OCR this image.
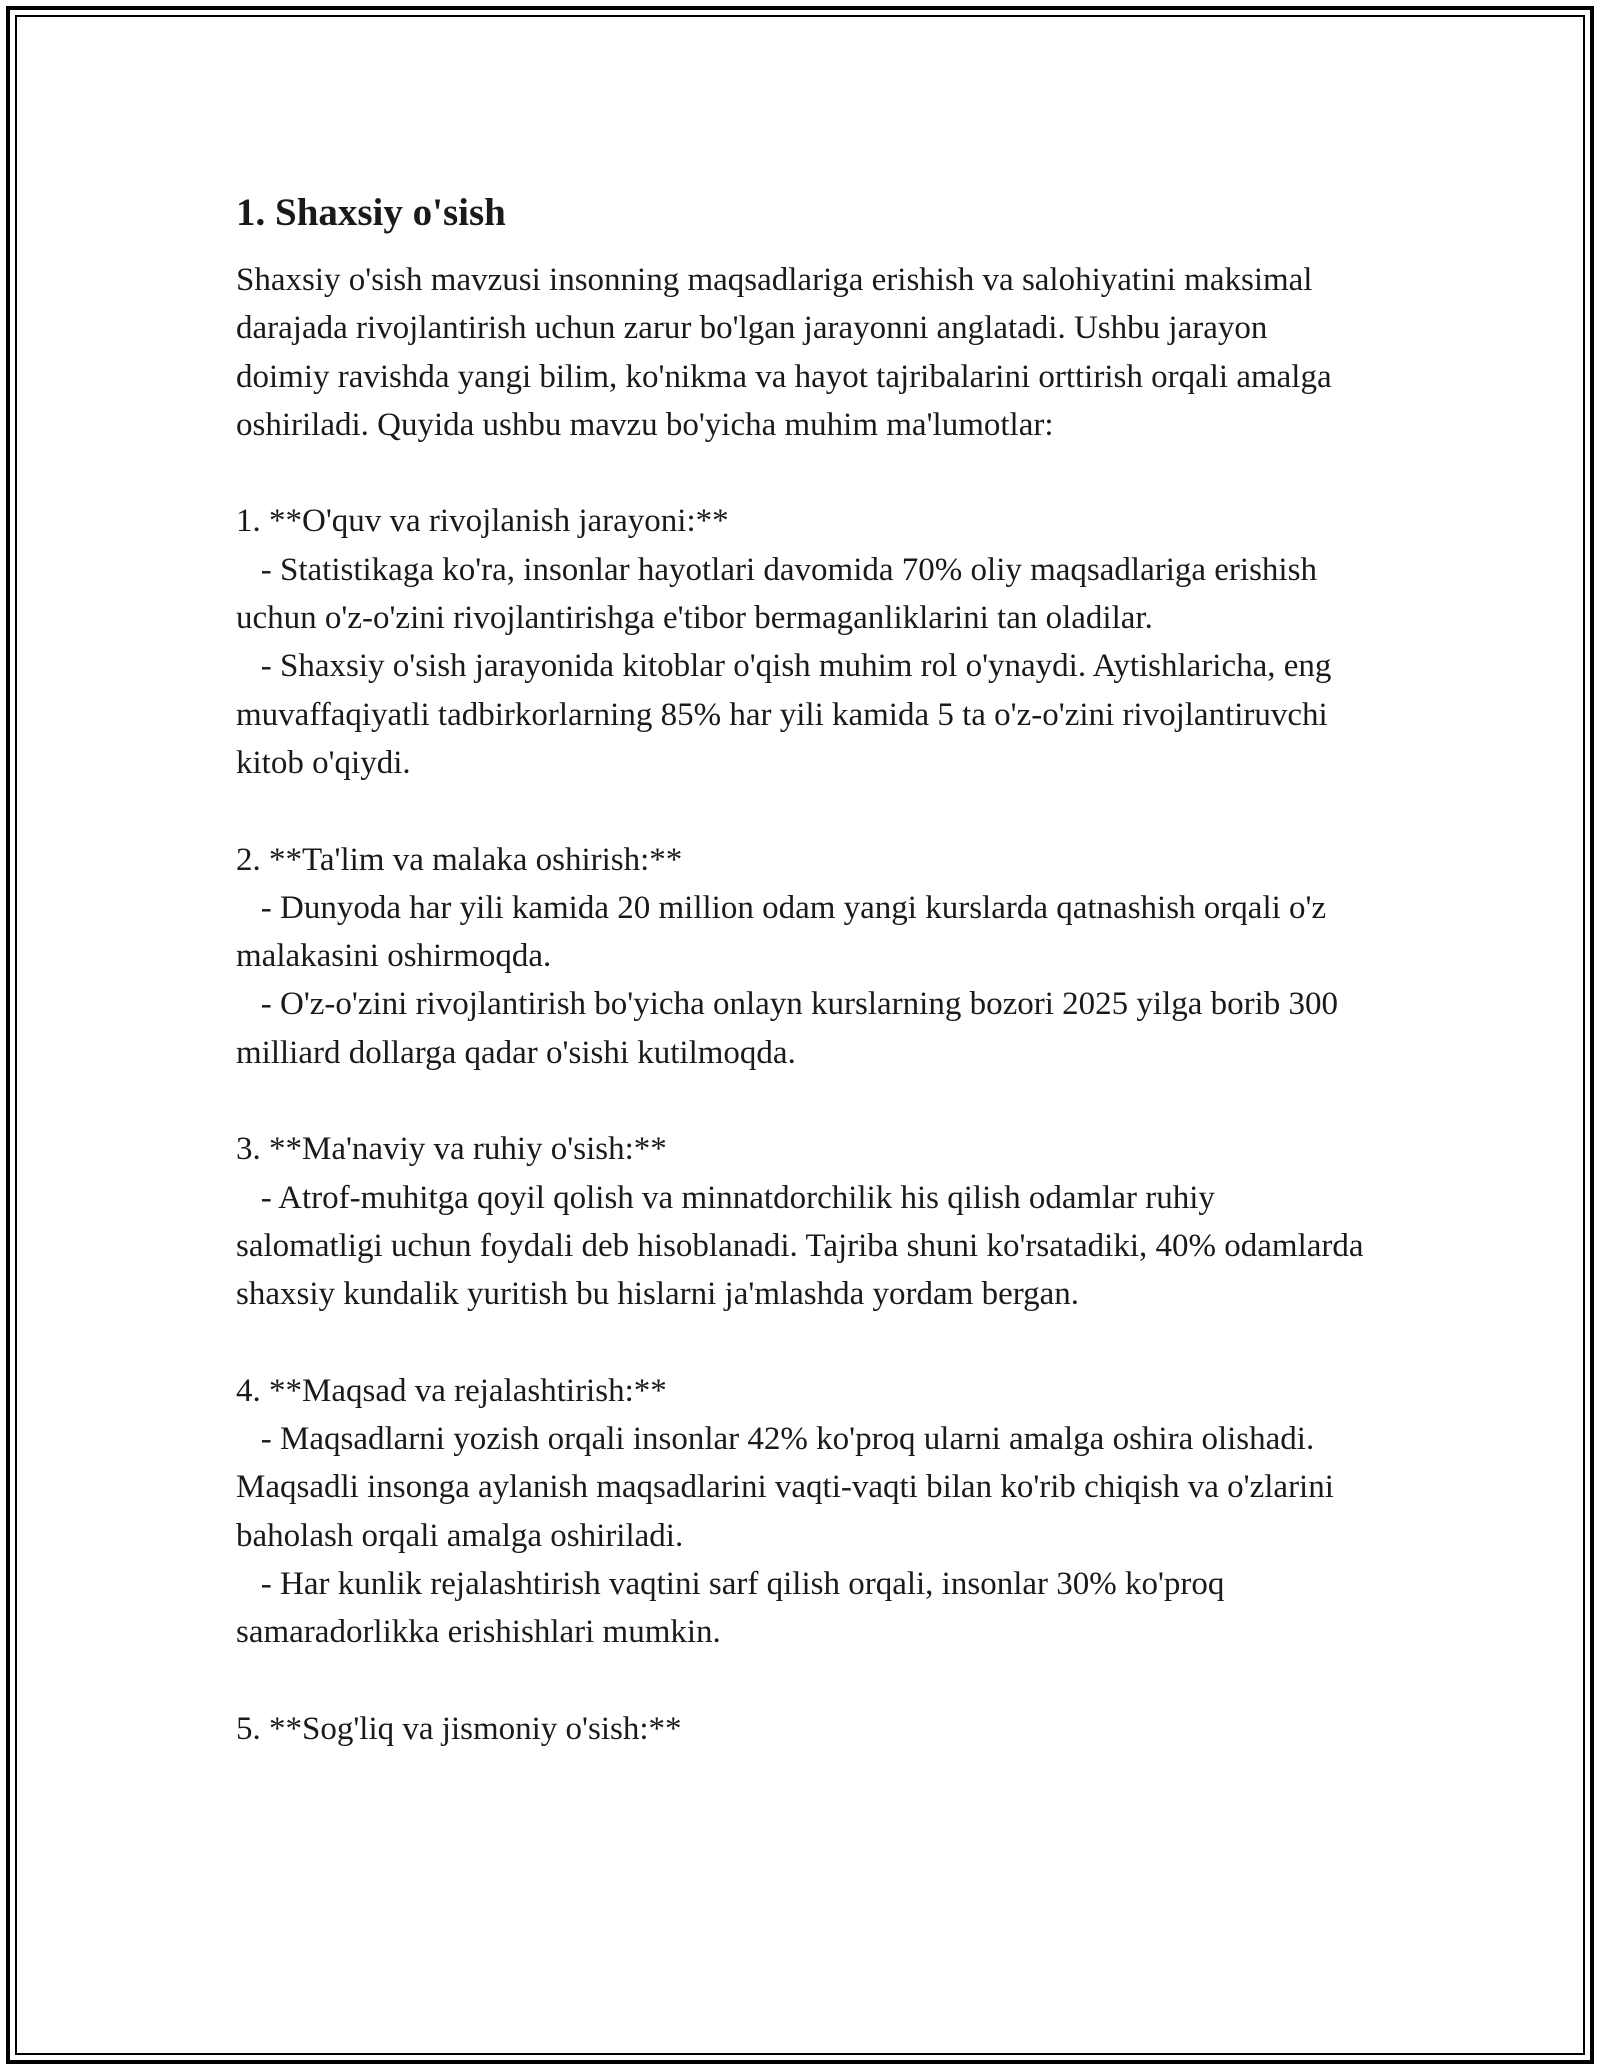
1. Shaxsiy o'sish

Shaxsiy o'sish mavzusi insonning maqsadlariga erishish va salohiyatini maksimal darajada rivojlantirish uchun zarur bo'lgan jarayonni anglatadi. Ushbu jarayon doimiy ravishda yangi bilim, ko'nikma va hayot tajribalarini orttirish orqali amalga oshiriladi. Quyida ushbu mavzu bo'yicha muhim ma'lumotlar:

1. **O'quv va rivojlanish jarayoni:**

- Statistikaga ko'ra, insonlar hayotlari davomida 70% oliy maqsadlariga erishish uchun o'z-o'zini rivojlantirishga e'tibor bermaganliklarini tan oladilar.

- Shaxsiy o'sish jarayonida kitoblar o'qish muhim rol o'ynaydi. Aytishlaricha, eng muvaffaqiyatli tadbirkorlarning 85% har yili kamida 5 ta o'z-o'zini rivojlantiruvchi kitob o'qiydi.

2. **Ta'lim va malaka oshirish:**

- Dunyoda har yili kamida 20 million odam yangi kurslarda qatnashish orqali o'z malakasini oshirmoqda.

- O'z-o'zini rivojlantirish bo'yicha onlayn kurslarning bozori 2025 yilga borib 300 milliard dollarga qadar o'sishi kutilmoqda.

3. **Ma'naviy va ruhiy o'sish:**

- Atrof-muhitga qoyil qolish va minnatdorchilik his qilish odamlar ruhiy salomatligi uchun foydali deb hisoblanadi. Tajriba shuni ko'rsatadiki, 40% odamlarda shaxsiy kundalik yuritish bu hislarni ja'mlashda yordam bergan.

4. **Maqsad va rejalashtirish:**

- Maqsadlarni yozish orqali insonlar 42% ko'proq ularni amalga oshira olishadi. Maqsadli insonga aylanish maqsadlarini vaqti-vaqti bilan ko'rib chiqish va o'zlarini baholash orqali amalga oshiriladi.

- Har kunlik rejalashtirish vaqtini sarf qilish orqali, insonlar 30% ko'proq samaradorlikka erishishlari mumkin.

5. **Sog'liq va jismoniy o'sish:**
